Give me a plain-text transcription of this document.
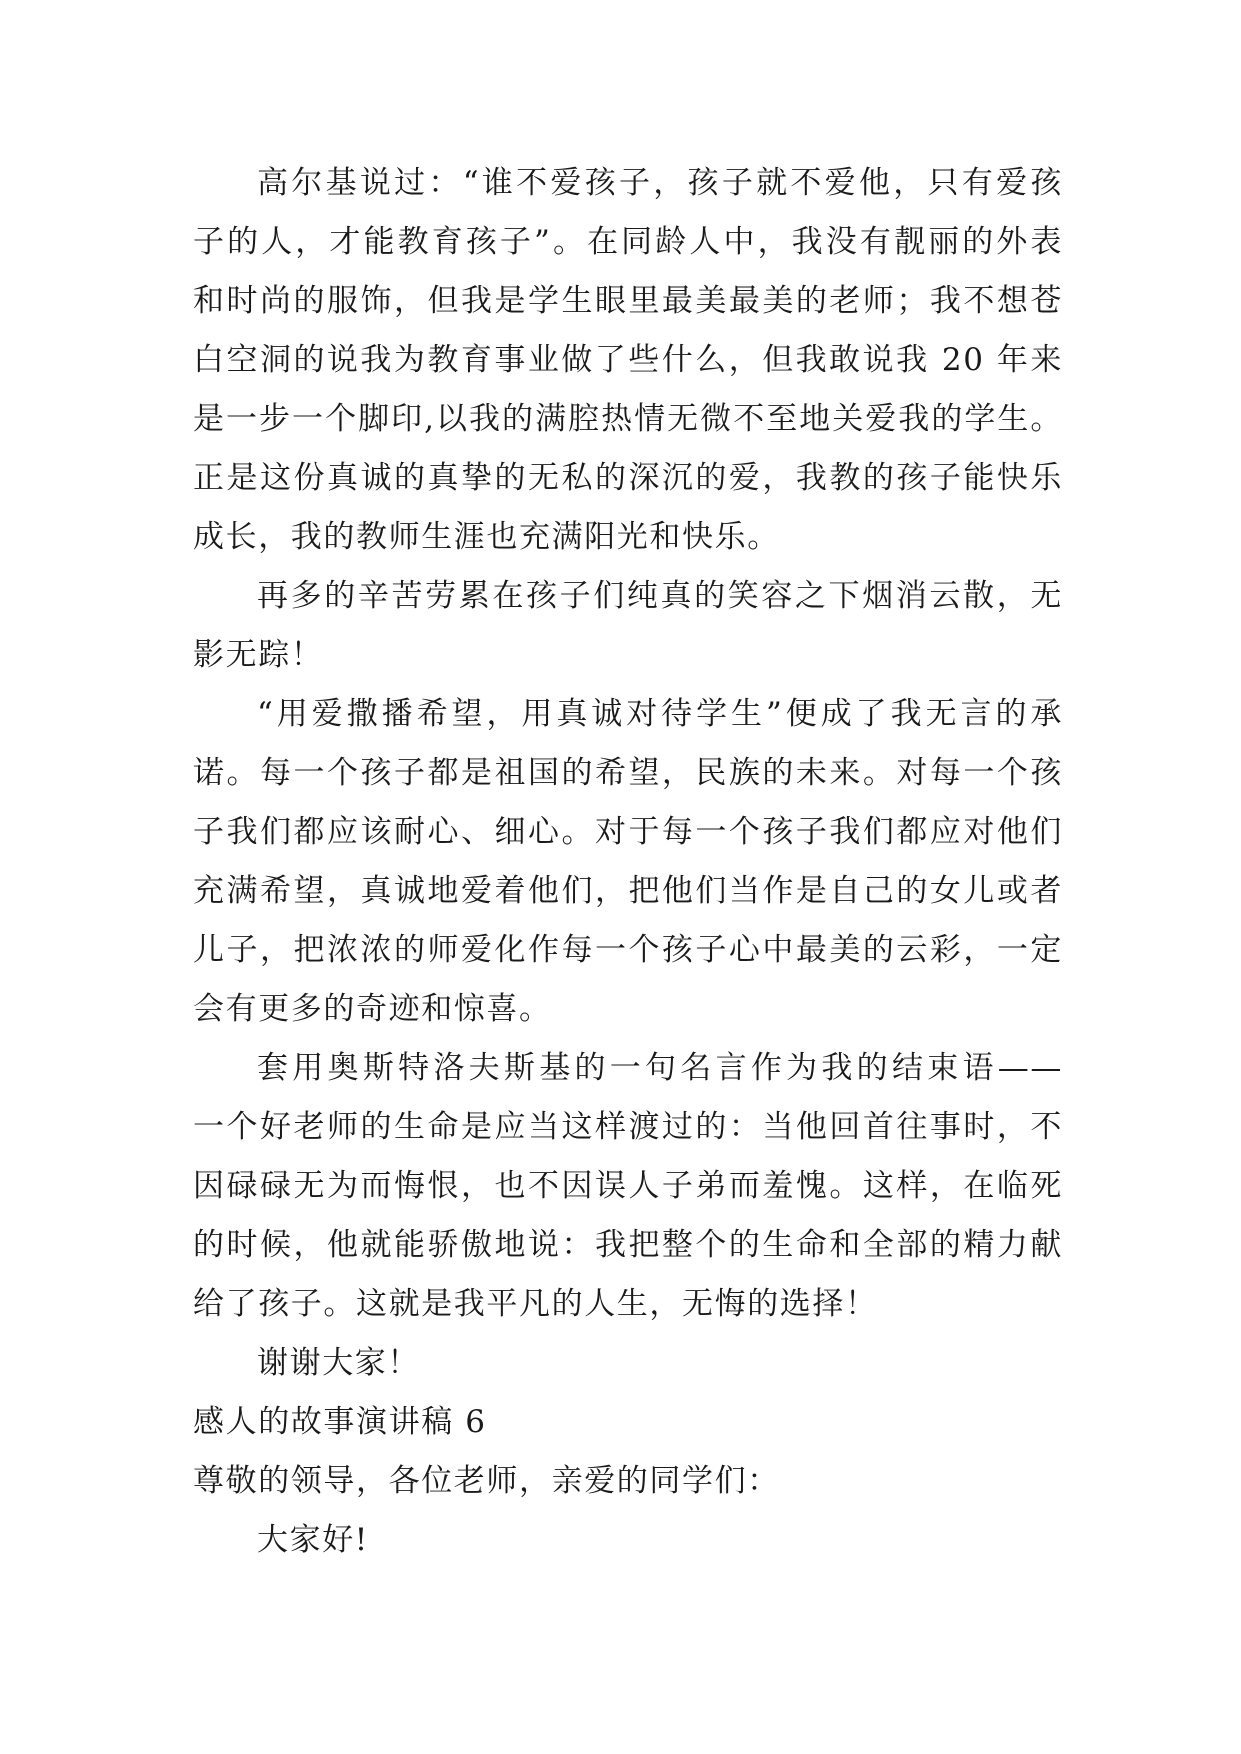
高尔基说过：“谁不爱孩子，孩子就不爱他，只有爱孩
子的人，才能教育孩子”。在同龄人中，我没有靓丽的外表
和时尚的服饰，但我是学生眼里最美最美的老师；我不想苍
白空洞的说我为教育事业做了些什么，但我敢说我 20 年来
是一步一个脚印,以我的满腔热情无微不至地关爱我的学生。
正是这份真诚的真挚的无私的深沉的爱，我教的孩子能快乐
成长，我的教师生涯也充满阳光和快乐。
再多的辛苦劳累在孩子们纯真的笑容之下烟消云散，无
影无踪！
“用爱撒播希望，用真诚对待学生”便成了我无言的承
诺。每一个孩子都是祖国的希望，民族的未来。对每一个孩
子我们都应该耐心、细心。对于每一个孩子我们都应对他们
充满希望，真诚地爱着他们，把他们当作是自己的女儿或者
儿子，把浓浓的师爱化作每一个孩子心中最美的云彩，一定
会有更多的奇迹和惊喜。
套用奥斯特洛夫斯基的一句名言作为我的结束语——
一个好老师的生命是应当这样渡过的：当他回首往事时，不
因碌碌无为而悔恨，也不因误人子弟而羞愧。这样，在临死
的时候，他就能骄傲地说：我把整个的生命和全部的精力献
给了孩子。这就是我平凡的人生，无悔的选择！
谢谢大家！
感人的故事演讲稿 6
尊敬的领导，各位老师，亲爱的同学们：
大家好!
